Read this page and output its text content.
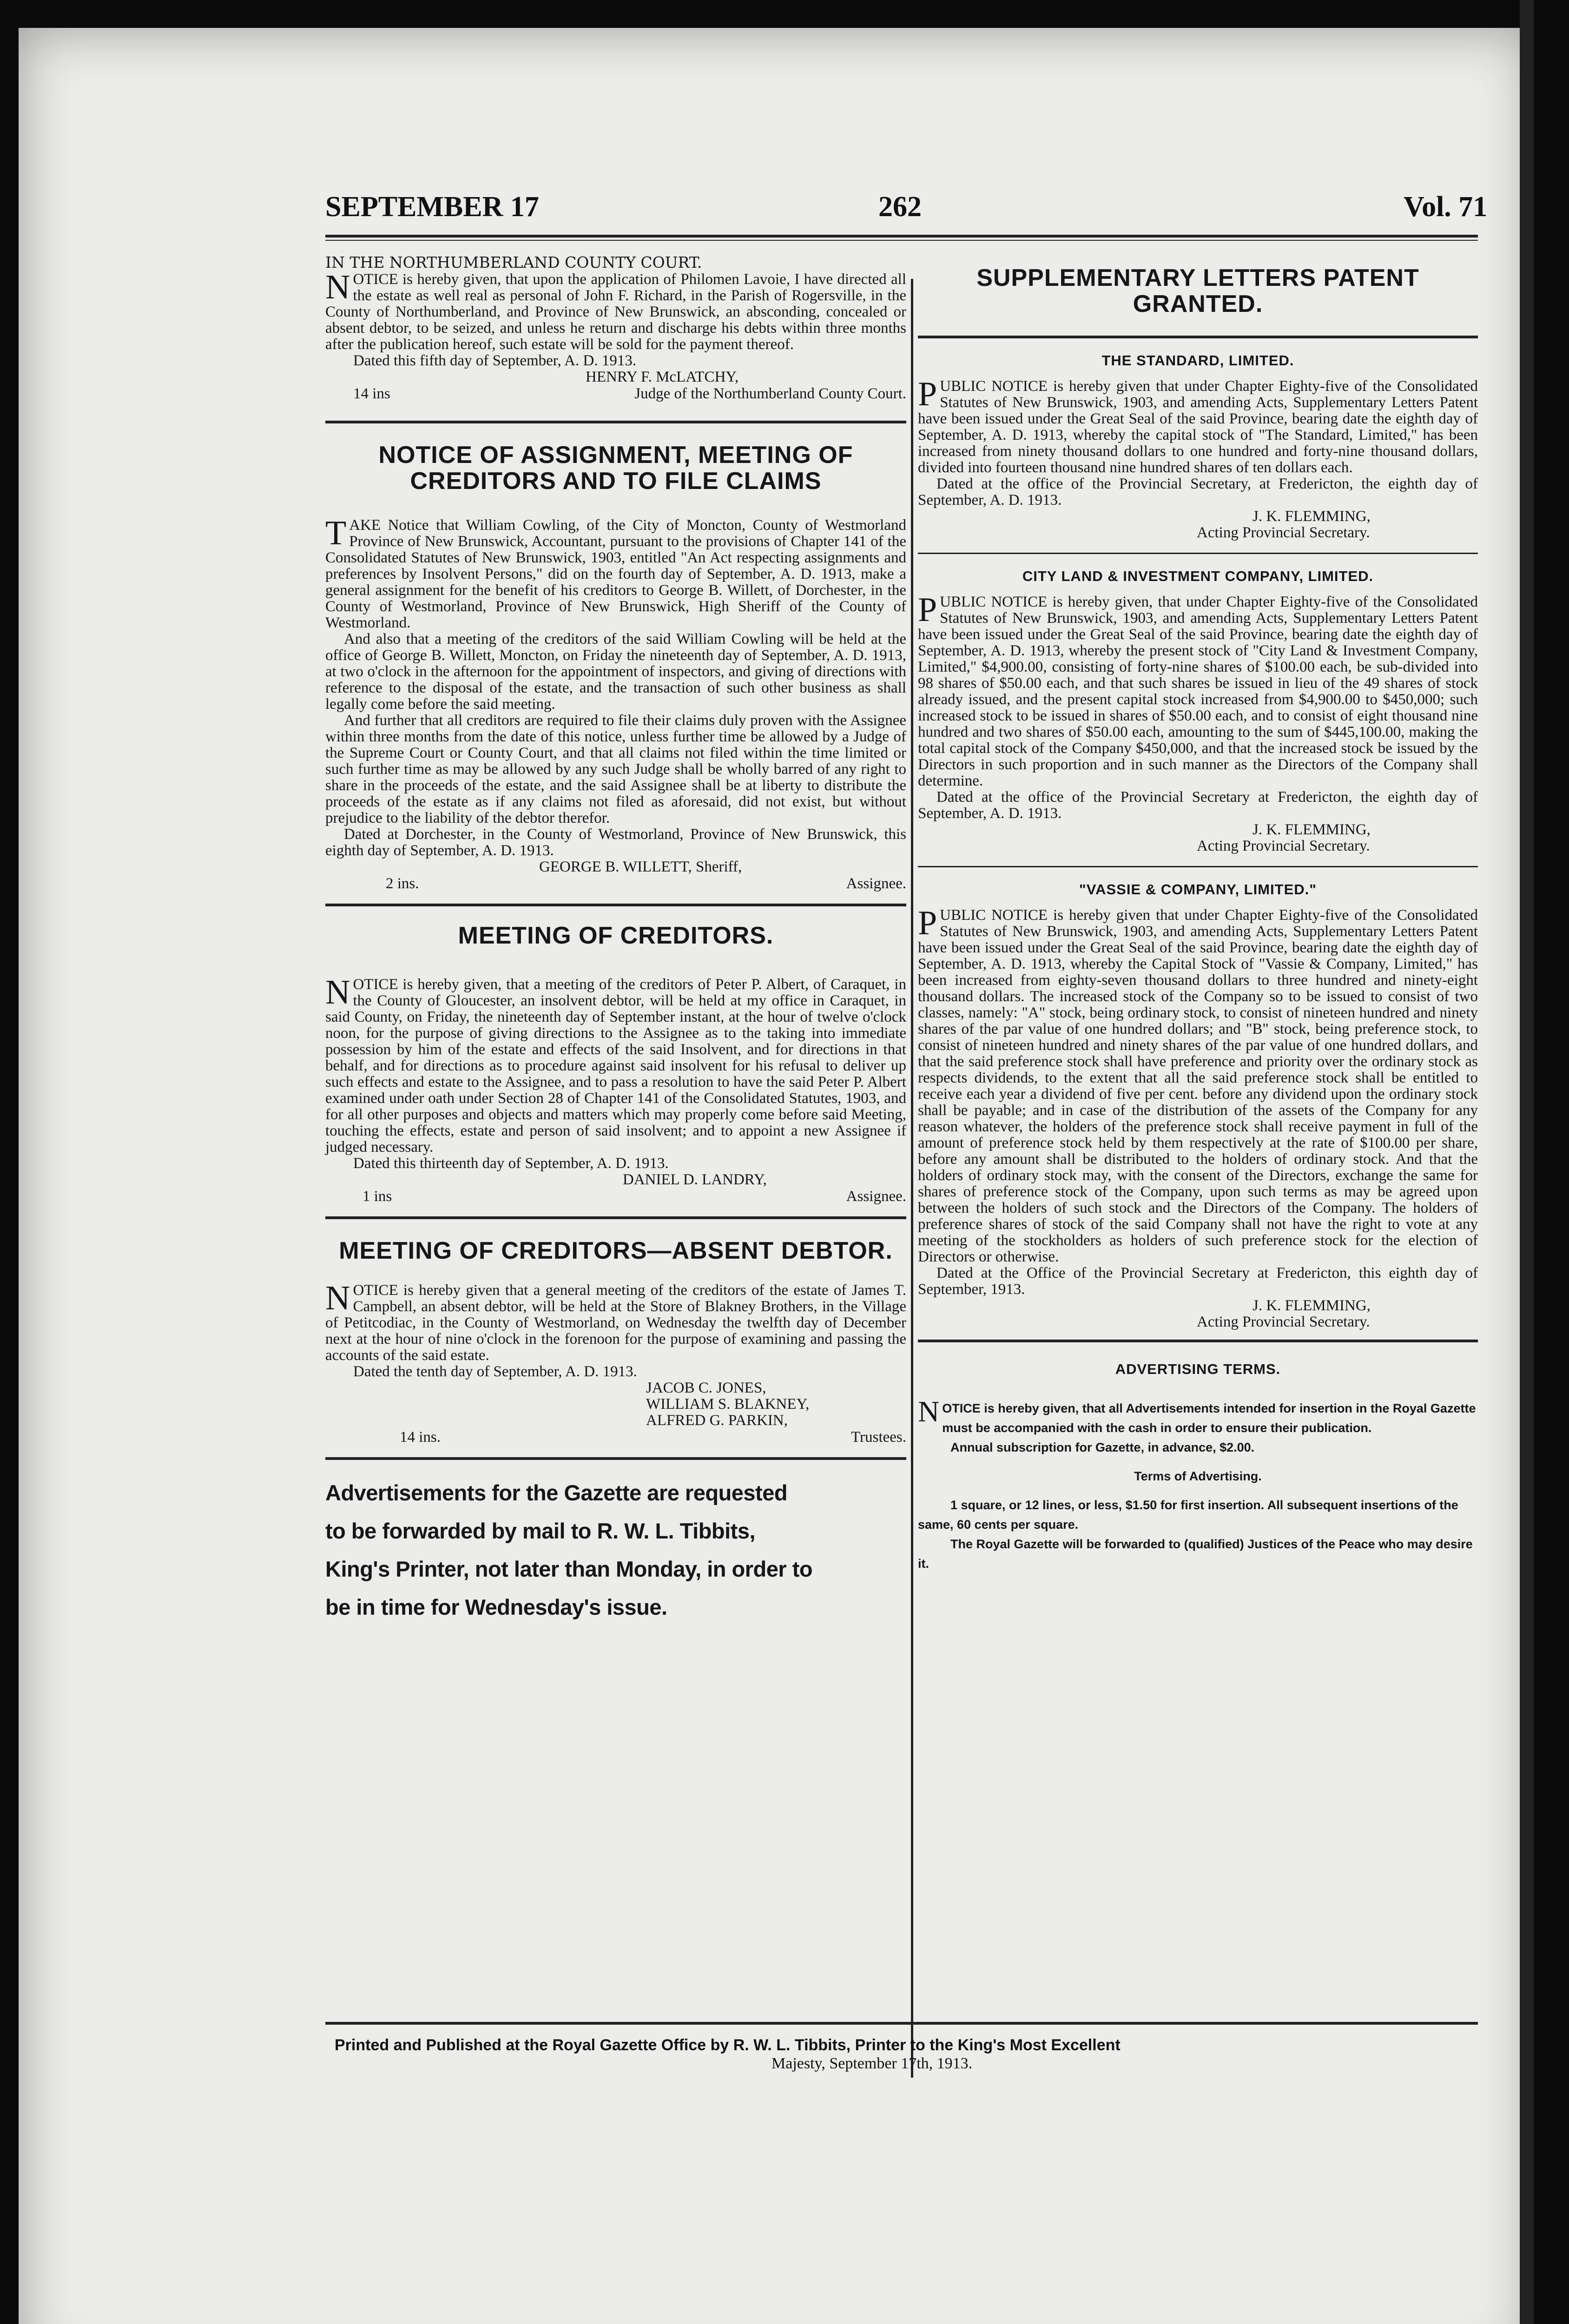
SEPTEMBER 17	262	Vol. 71

IN THE NORTHUMBERLAND COUNTY COURT.

NOTICE is hereby given, that upon the application of Philomen Lavoie, I have directed all the estate as well real as personal of John F. Richard, in the Parish of Rogersville, in the County of Northumberland, and Province of New Brunswick, an absconding, concealed or absent debtor, to be seized, and unless he return and discharge his debts within three months after the publication hereof, such estate will be sold for the payment thereof.

Dated this fifth day of September, A. D. 1913.

HENRY F. McLATCHY,

14 ins	Judge of the Northumberland County Court.

NOTICE OF ASSIGNMENT, MEETING OF CREDITORS AND TO FILE CLAIMS

TAKE Notice that William Cowling, of the City of Moncton, County of Westmorland Province of New Brunswick, Accountant, pursuant to the provisions of Chapter 141 of the Consolidated Statutes of New Brunswick, 1903, entitled "An Act respecting assignments and preferences by Insolvent Persons," did on the fourth day of September, A. D. 1913, make a general assignment for the benefit of his creditors to George B. Willett, of Dorchester, in the County of Westmorland, Province of New Brunswick, High Sheriff of the County of Westmorland.

And also that a meeting of the creditors of the said William Cowling will be held at the office of George B. Willett, Moncton, on Friday the nineteenth day of September, A. D. 1913, at two o'clock in the afternoon for the appointment of inspectors, and giving of directions with reference to the disposal of the estate, and the transaction of such other business as shall legally come before the said meeting.

And further that all creditors are required to file their claims duly proven with the Assignee within three months from the date of this notice, unless further time be allowed by a Judge of the Supreme Court or County Court, and that all claims not filed within the time limited or such further time as may be allowed by any such Judge shall be wholly barred of any right to share in the proceeds of the estate, and the said Assignee shall be at liberty to distribute the proceeds of the estate as if any claims not filed as aforesaid, did not exist, but without prejudice to the liability of the debtor therefor.

Dated at Dorchester, in the County of Westmorland, Province of New Brunswick, this eighth day of September, A. D. 1913.

GEORGE B. WILLETT, Sheriff,

2 ins.	Assignee.

MEETING OF CREDITORS.

NOTICE is hereby given, that a meeting of the creditors of Peter P. Albert, of Caraquet, in the County of Gloucester, an insolvent debtor, will be held at my office in Caraquet, in said County, on Friday, the nineteenth day of September instant, at the hour of twelve o'clock noon, for the purpose of giving directions to the Assignee as to the taking into immediate possession by him of the estate and effects of the said Insolvent, and for directions in that behalf, and for directions as to procedure against said insolvent for his refusal to deliver up such effects and estate to the Assignee, and to pass a resolution to have the said Peter P. Albert examined under oath under Section 28 of Chapter 141 of the Consolidated Statutes, 1903, and for all other purposes and objects and matters which may properly come before said Meeting, touching the effects, estate and person of said insolvent; and to appoint a new Assignee if judged necessary.

Dated this thirteenth day of September, A. D. 1913.

DANIEL D. LANDRY,

1 ins	Assignee.

MEETING OF CREDITORS—ABSENT DEBTOR.

NOTICE is hereby given that a general meeting of the creditors of the estate of James T. Campbell, an absent debtor, will be held at the Store of Blakney Brothers, in the Village of Petitcodiac, in the County of Westmorland, on Wednesday the twelfth day of December next at the hour of nine o'clock in the forenoon for the purpose of examining and passing the accounts of the said estate.

Dated the tenth day of September, A. D. 1913.

JACOB C. JONES,

WILLIAM S. BLAKNEY,

ALFRED G. PARKIN,

14 ins.	Trustees.

Advertisements for the Gazette are requested

to be forwarded by mail to R. W. L. Tibbits,

King's Printer, not later than Monday, in order to

be in time for Wednesday's issue.

SUPPLEMENTARY LETTERS PATENT GRANTED.

THE STANDARD, LIMITED.

PUBLIC NOTICE is hereby given that under Chapter Eighty-five of the Consolidated Statutes of New Brunswick, 1903, and amending Acts, Supplementary Letters Patent have been issued under the Great Seal of the said Province, bearing date the eighth day of September, A. D. 1913, whereby the capital stock of "The Standard, Limited," has been increased from ninety thousand dollars to one hundred and forty-nine thousand dollars, divided into fourteen thousand nine hundred shares of ten dollars each.

Dated at the office of the Provincial Secretary, at Fredericton, the eighth day of September, A. D. 1913.

J. K. FLEMMING,

Acting Provincial Secretary.

CITY LAND & INVESTMENT COMPANY, LIMITED.

PUBLIC NOTICE is hereby given, that under Chapter Eighty-five of the Consolidated Statutes of New Brunswick, 1903, and amending Acts, Supplementary Letters Patent have been issued under the Great Seal of the said Province, bearing date the eighth day of September, A. D. 1913, whereby the present stock of "City Land & Investment Company, Limited," $4,900.00, consisting of forty-nine shares of $100.00 each, be sub-divided into 98 shares of $50.00 each, and that such shares be issued in lieu of the 49 shares of stock already issued, and the present capital stock increased from $4,900.00 to $450,000; such increased stock to be issued in shares of $50.00 each, and to consist of eight thousand nine hundred and two shares of $50.00 each, amounting to the sum of $445,100.00, making the total capital stock of the Company $450,000, and that the increased stock be issued by the Directors in such proportion and in such manner as the Directors of the Company shall determine.

Dated at the office of the Provincial Secretary at Fredericton, the eighth day of September, A. D. 1913.

J. K. FLEMMING,

Acting Provincial Secretary.

"VASSIE & COMPANY, LIMITED."

PUBLIC NOTICE is hereby given that under Chapter Eighty-five of the Consolidated Statutes of New Brunswick, 1903, and amending Acts, Supplementary Letters Patent have been issued under the Great Seal of the said Province, bearing date the eighth day of September, A. D. 1913, whereby the Capital Stock of "Vassie & Company, Limited," has been increased from eighty-seven thousand dollars to three hundred and ninety-eight thousand dollars. The increased stock of the Company so to be issued to consist of two classes, namely: "A" stock, being ordinary stock, to consist of nineteen hundred and ninety shares of the par value of one hundred dollars; and "B" stock, being preference stock, to consist of nineteen hundred and ninety shares of the par value of one hundred dollars, and that the said preference stock shall have preference and priority over the ordinary stock as respects dividends, to the extent that all the said preference stock shall be entitled to receive each year a dividend of five per cent. before any dividend upon the ordinary stock shall be payable; and in case of the distribution of the assets of the Company for any reason whatever, the holders of the preference stock shall receive payment in full of the amount of preference stock held by them respectively at the rate of $100.00 per share, before any amount shall be distributed to the holders of ordinary stock. And that the holders of ordinary stock may, with the consent of the Directors, exchange the same for shares of preference stock of the Company, upon such terms as may be agreed upon between the holders of such stock and the Directors of the Company. The holders of preference shares of stock of the said Company shall not have the right to vote at any meeting of the stockholders as holders of such preference stock for the election of Directors or otherwise.

Dated at the Office of the Provincial Secretary at Fredericton, this eighth day of September, 1913.

J. K. FLEMMING,

Acting Provincial Secretary.

ADVERTISING TERMS.

NOTICE is hereby given, that all Advertisements intended for insertion in the Royal Gazette must be accompanied with the cash in order to ensure their publication.

Annual subscription for Gazette, in advance, $2.00.

Terms of Advertising.

1 square, or 12 lines, or less, $1.50 for first insertion. All subsequent insertions of the same, 60 cents per square.

The Royal Gazette will be forwarded to (qualified) Justices of the Peace who may desire it.

Printed and Published at the Royal Gazette Office by R. W. L. Tibbits, Printer to the King's Most Excellent
Majesty, September 17th, 1913.
